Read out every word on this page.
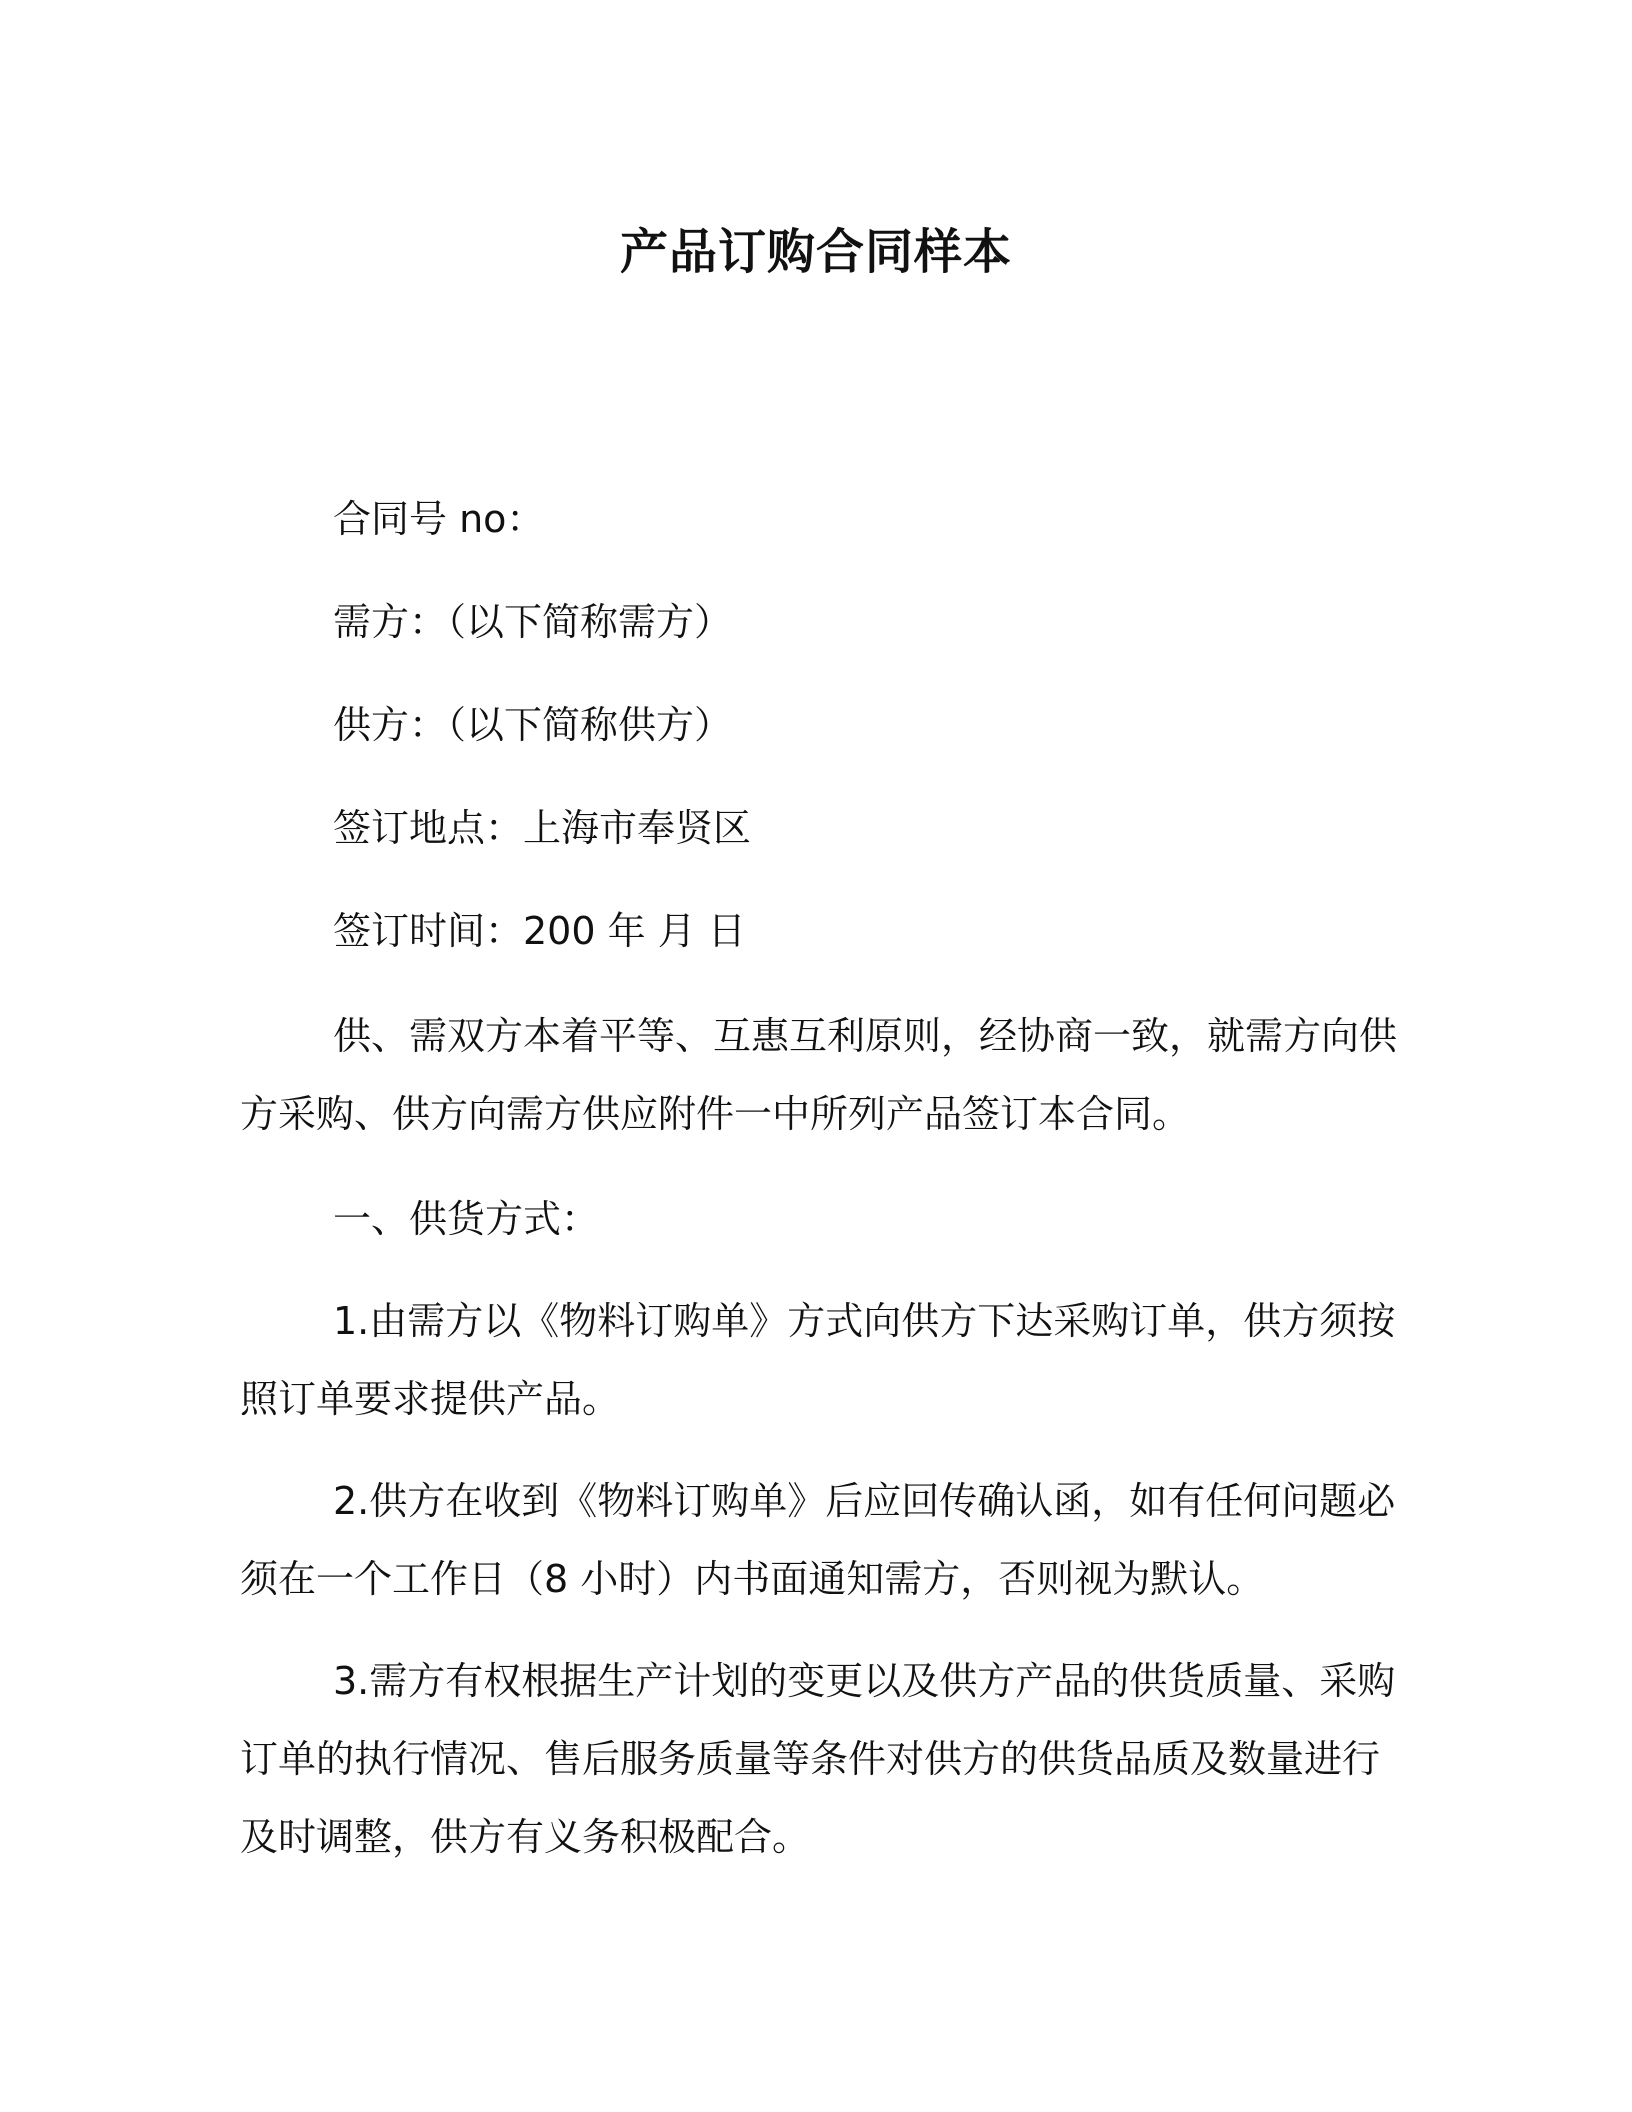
产品订购合同样本
合同号 no：
需方：（以下简称需方）
供方：（以下简称供方）
签订地点：上海市奉贤区
签订时间：200 年 月 日
供、需双方本着平等、互惠互利原则，经协商一致，就需方向供
方采购、供方向需方供应附件一中所列产品签订本合同。
一、供货方式：
1.由需方以《物料订购单》方式向供方下达采购订单，供方须按
照订单要求提供产品。
2.供方在收到《物料订购单》后应回传确认函，如有任何问题必
须在一个工作日（8 小时）内书面通知需方，否则视为默认。
3.需方有权根据生产计划的变更以及供方产品的供货质量、采购
订单的执行情况、售后服务质量等条件对供方的供货品质及数量进行
及时调整，供方有义务积极配合。
